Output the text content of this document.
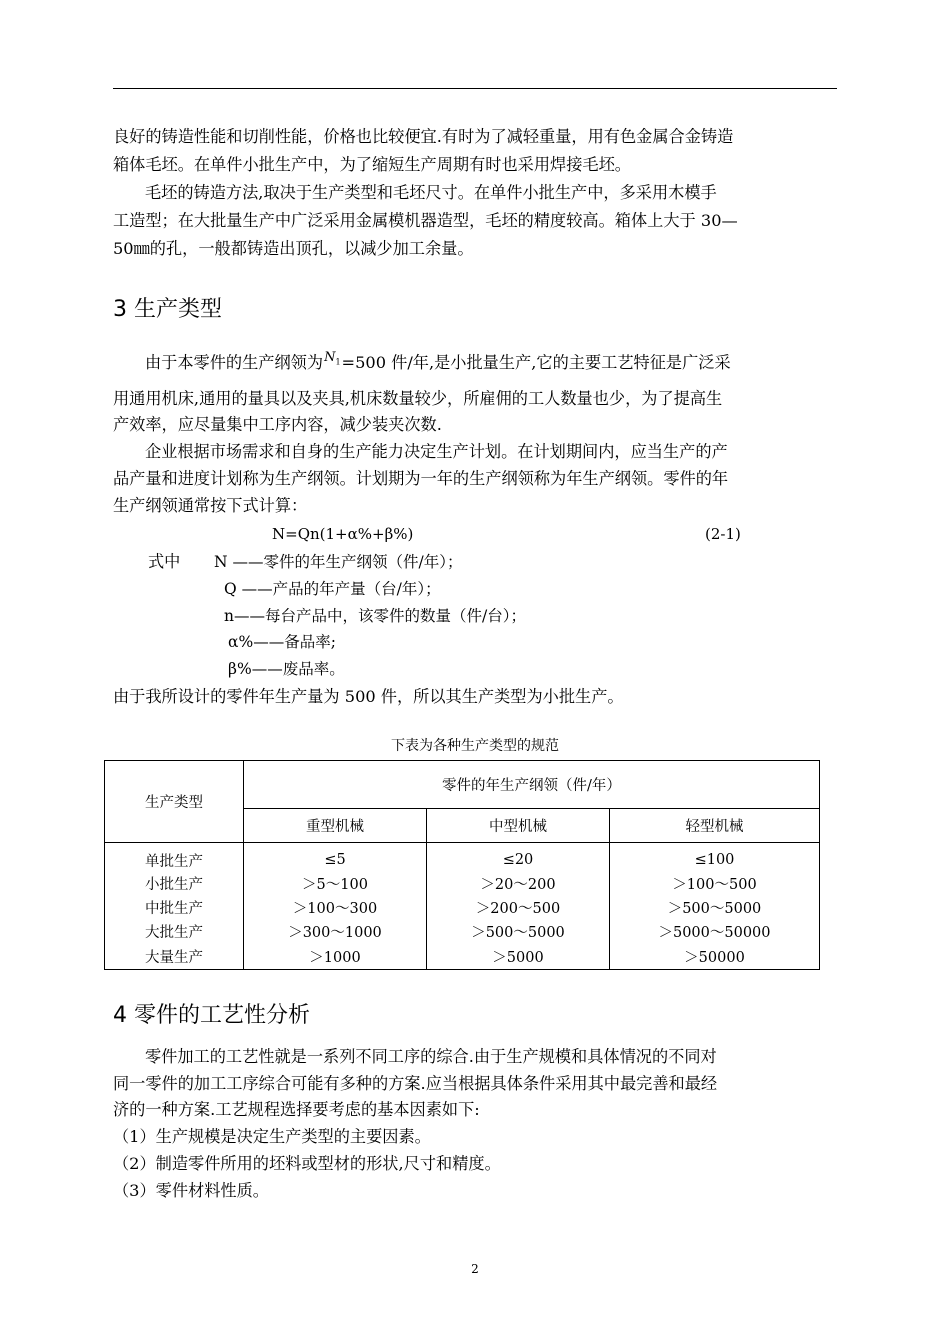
良好的铸造性能和切削性能，价格也比较便宜.有时为了减轻重量，用有色金属合金铸造
箱体毛坯。在单件小批生产中，为了缩短生产周期有时也采用焊接毛坯。
毛坯的铸造方法,取决于生产类型和毛坯尺寸。在单件小批生产中，多采用木模手
工造型；在大批量生产中广泛采用金属模机器造型，毛坯的精度较高。箱体上大于 30—
50㎜的孔，一般都铸造出顶孔，以减少加工余量。
3 生产类型
由于本零件的生产纲领为$^{N_1}$=500 件/年,是小批量生产,它的主要工艺特征是广泛采
用通用机床,通用的量具以及夹具,机床数量较少，所雇佣的工人数量也少，为了提高生
产效率，应尽量集中工序内容，减少装夹次数.
企业根据市场需求和自身的生产能力决定生产计划。在计划期间内，应当生产的产
品产量和进度计划称为生产纲领。计划期为一年的生产纲领称为年生产纲领。零件的年
生产纲领通常按下式计算：
N=Qn(1+α%+β%)	(2-1)
式中 N ——零件的年生产纲领（件/年）；
Q ——产品的年产量（台/年）；
n——每台产品中，该零件的数量（件/台）；
α%——备品率;
β%——废品率。
由于我所设计的零件年生产量为 500 件，所以其生产类型为小批生产。
下表为各种生产类型的规范
生产类型	零件的年生产纲领（件/年）		
	重型机械	中型机械	轻型机械
单批生产	≤5	≤20	≤100
小批生产	＞5～100	＞20～200	＞100～500
中批生产	＞100～300	＞200～500	＞500～5000
大批生产	＞300～1000	＞500～5000	＞5000～50000
大量生产	＞1000	＞5000	＞50000
4 零件的工艺性分析
零件加工的工艺性就是一系列不同工序的综合.由于生产规模和具体情况的不同对
同一零件的加工工序综合可能有多种的方案.应当根据具体条件采用其中最完善和最经
济的一种方案.工艺规程选择要考虑的基本因素如下:
（1）生产规模是决定生产类型的主要因素。
（2）制造零件所用的坯料或型材的形状,尺寸和精度。
（3）零件材料性质。
2
